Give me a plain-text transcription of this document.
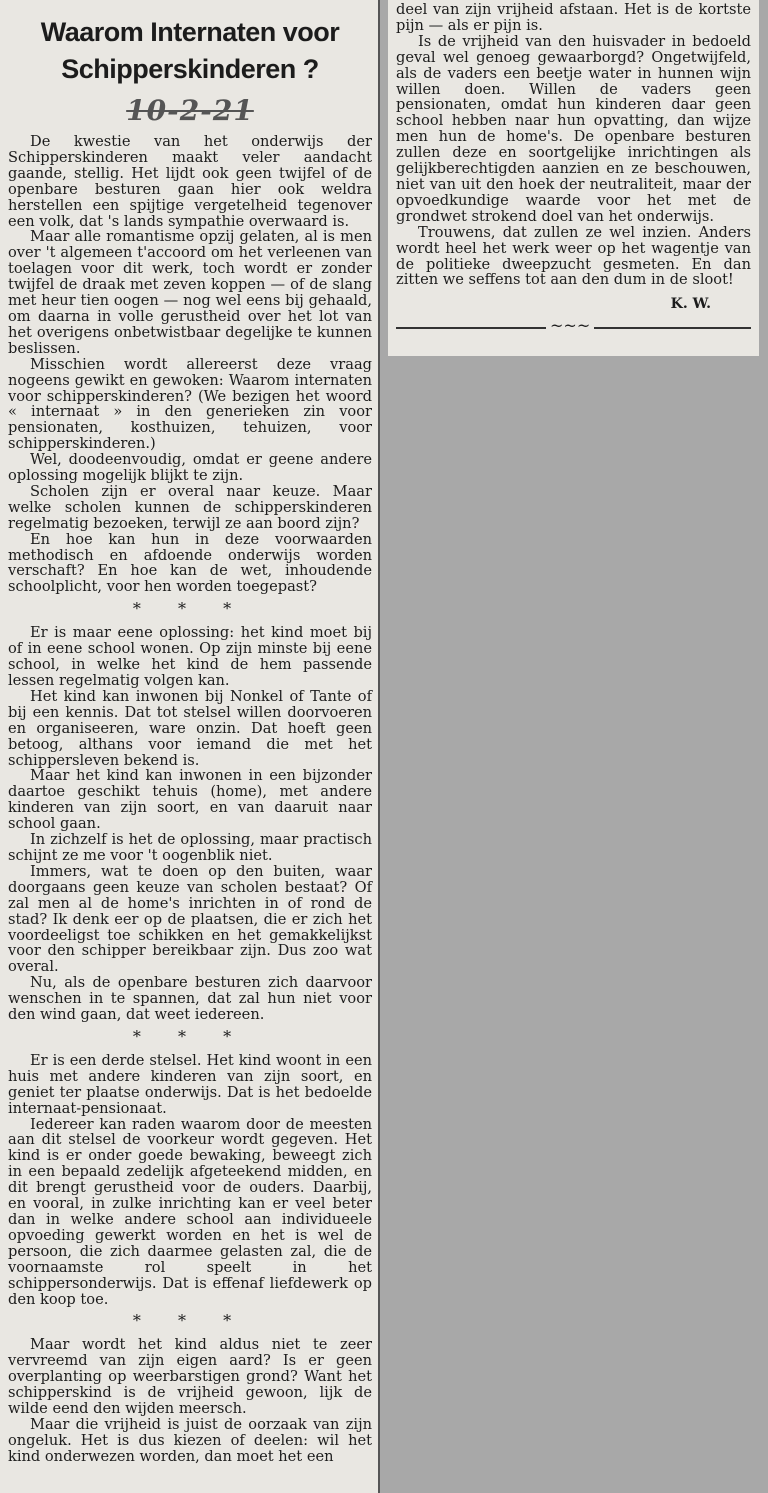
Waarom Internaten voor
Schipperskinderen ?
10-2-21

De kwestie van het onderwijs der Schipperskinderen maakt veler aandacht gaande, stellig. Het lijdt ook geen twijfel of de openbare besturen gaan hier ook weldra herstellen een spijtige vergetelheid tegenover een volk, dat 's lands sympathie overwaard is.

Maar alle romantisme opzij gelaten, al is men over 't algemeen t'accoord om het verleenen van toelagen voor dit werk, toch wordt er zonder twijfel de draak met zeven koppen — of de slang met heur tien oogen — nog wel eens bij gehaald, om daarna in volle gerustheid over het lot van het overigens onbetwistbaar degelijke te kunnen beslissen.

Misschien wordt allereerst deze vraag nogeens gewikt en gewoken: Waarom internaten voor schipperskinderen? (We bezigen het woord « internaat » in den generieken zin voor pensionaten, kosthuizen, tehuizen, voor schipperskinderen.)

Wel, doodeenvoudig, omdat er geene andere oplossing mogelijk blijkt te zijn.

Scholen zijn er overal naar keuze. Maar welke scholen kunnen de schipperskinderen regelmatig bezoeken, terwijl ze aan boord zijn?

En hoe kan hun in deze voorwaarden methodisch en afdoende onderwijs worden verschaft? En hoe kan de wet, inhoudende schoolplicht, voor hen worden toegepast?

* * *

Er is maar eene oplossing: het kind moet bij of in eene school wonen. Op zijn minste bij eene school, in welke het kind de hem passende lessen regelmatig volgen kan.

Het kind kan inwonen bij Nonkel of Tante of bij een kennis. Dat tot stelsel willen doorvoeren en organiseeren, ware onzin. Dat hoeft geen betoog, althans voor iemand die met het schippersleven bekend is.

Maar het kind kan inwonen in een bijzonder daartoe geschikt tehuis (home), met andere kinderen van zijn soort, en van daaruit naar school gaan.

In zichzelf is het de oplossing, maar practisch schijnt ze me voor 't oogenblik niet.

Immers, wat te doen op den buiten, waar doorgaans geen keuze van scholen bestaat? Of zal men al de home's inrichten in of rond de stad? Ik denk eer op de plaatsen, die er zich het voordeeligst toe schikken en het gemakkelijkst voor den schipper bereikbaar zijn. Dus zoo wat overal.

Nu, als de openbare besturen zich daarvoor wenschen in te spannen, dat zal hun niet voor den wind gaan, dat weet iedereen.

* * *

Er is een derde stelsel. Het kind woont in een huis met andere kinderen van zijn soort, en geniet ter plaatse onderwijs. Dat is het bedoelde internaat-pensionaat.

Iedereer kan raden waarom door de meesten aan dit stelsel de voorkeur wordt gegeven. Het kind is er onder goede bewaking, beweegt zich in een bepaald zedelijk afgeteekend midden, en dit brengt gerustheid voor de ouders. Daarbij, en vooral, in zulke inrichting kan er veel beter dan in welke andere school aan individueele opvoeding gewerkt worden en het is wel de persoon, die zich daarmee gelasten zal, die de voornaamste rol speelt in het schippersonderwijs. Dat is effenaf liefdewerk op den koop toe.

* * *

Maar wordt het kind aldus niet te zeer vervreemd van zijn eigen aard? Is er geen overplanting op weerbarstigen grond? Want het schipperskind is de vrijheid gewoon, lijk de wilde eend den wijden meersch.

Maar die vrijheid is juist de oorzaak van zijn ongeluk. Het is dus kiezen of deelen: wil het kind onderwezen worden, dan moet het een

deel van zijn vrijheid afstaan. Het is de kortste pijn — als er pijn is.

Is de vrijheid van den huisvader in bedoeld geval wel genoeg gewaarborgd? Ongetwijfeld, als de vaders een beetje water in hunnen wijn willen doen. Willen de vaders geen pensionaten, omdat hun kinderen daar geen school hebben naar hun opvatting, dan wijze men hun de home's. De openbare besturen zullen deze en soortgelijke inrichtingen als gelijkberechtigden aanzien en ze beschouwen, niet van uit den hoek der neutraliteit, maar der opvoedkundige waarde voor het met de grondwet strokend doel van het onderwijs.

Trouwens, dat zullen ze wel inzien. Anders wordt heel het werk weer op het wagentje van de politieke dweepzucht gesmeten. En dan zitten we seffens tot aan den dum in de sloot!

K. W.
~~~
